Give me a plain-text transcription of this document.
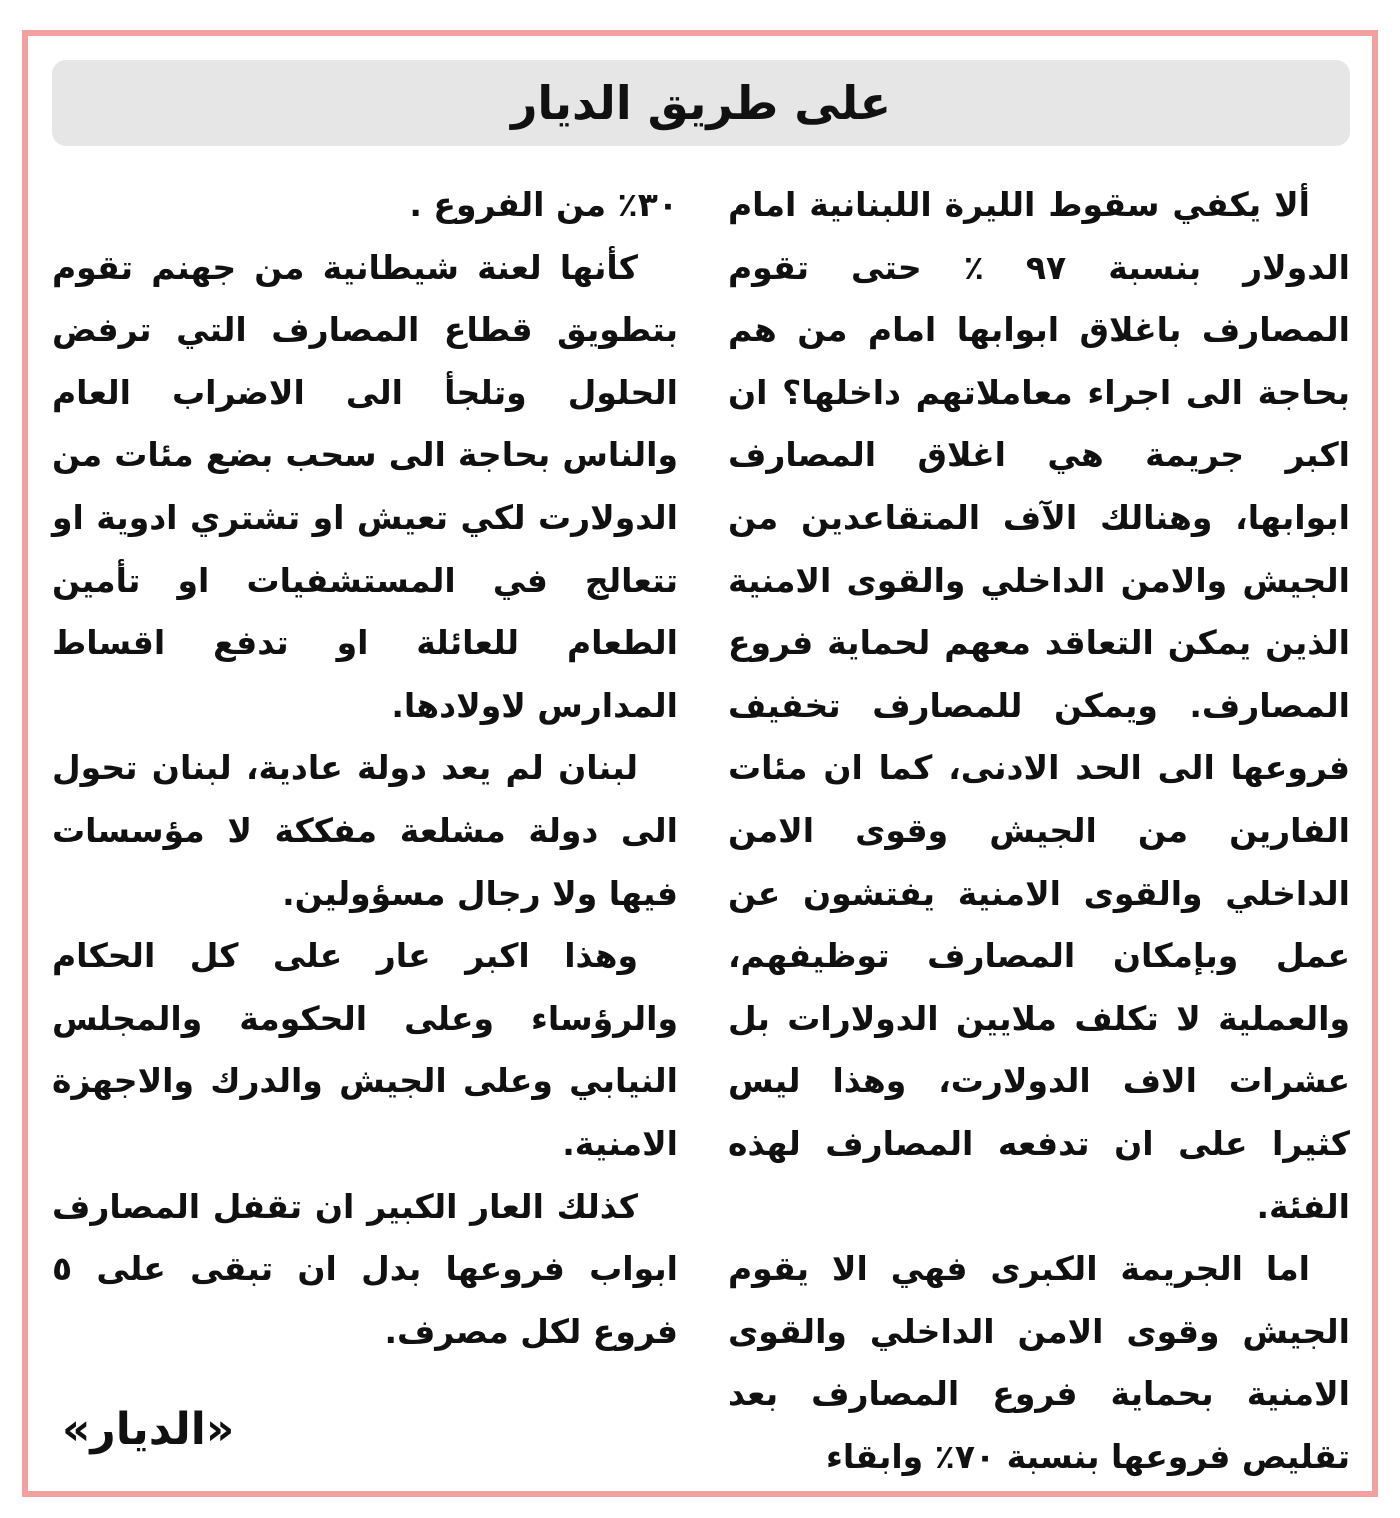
على طريق الديار

ألا يكفي سقوط الليرة اللبنانية امام الدولار بنسبة ٩٧ ٪ حتى تقوم المصارف باغلاق ابوابها امام من هم بحاجة الى اجراء معاملاتهم داخلها؟ ان اكبر جريمة هي اغلاق المصارف ابوابها، وهنالك الآف المتقاعدين من الجيش والامن الداخلي والقوى الامنية الذين يمكن التعاقد معهم لحماية فروع المصارف. ويمكن للمصارف تخفيف فروعها الى الحد الادنى، كما ان مئات الفارين من الجيش وقوى الامن الداخلي والقوى الامنية يفتشون عن عمل وبإمكان المصارف توظيفهم، والعملية لا تكلف ملايين الدولارات بل عشرات الاف الدولارت، وهذا ليس كثيرا على ان تدفعه المصارف لهذه الفئة.

اما الجريمة الكبرى فهي الا يقوم الجيش وقوى الامن الداخلي والقوى الامنية بحماية فروع المصارف بعد تقليص فروعها بنسبة ٧٠٪ وابقاء

٣٠٪ من الفروع .

كأنها لعنة شيطانية من جهنم تقوم بتطويق قطاع المصارف التي ترفض الحلول وتلجأ الى الاضراب العام والناس بحاجة الى سحب بضع مئات من الدولارت لكي تعيش او تشتري ادوية او تتعالج في المستشفيات او تأمين الطعام للعائلة او تدفع اقساط المدارس لاولادها.

لبنان لم يعد دولة عادية، لبنان تحول الى دولة مشلعة مفككة لا مؤسسات فيها ولا رجال مسؤولين.

وهذا اكبر عار على كل الحكام والرؤساء وعلى الحكومة والمجلس النيابي وعلى الجيش والدرك والاجهزة الامنية.

كذلك العار الكبير ان تقفل المصارف ابواب فروعها بدل ان تبقى على ٥ فروع لكل مصرف.

«الديار»
